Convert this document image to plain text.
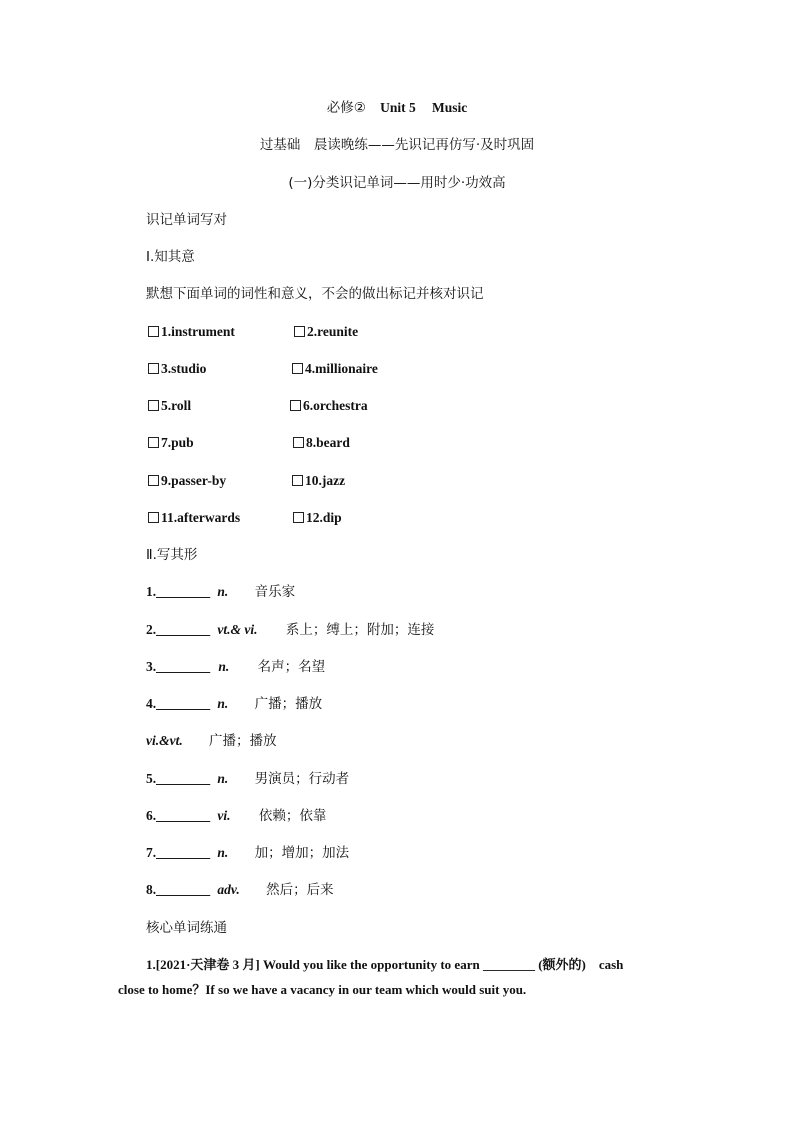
必修② Unit 5 Music
过基础　晨读晚练——先识记再仿写·及时巩固
(一)分类识记单词——用时少·功效高
识记单词写对
Ⅰ.知其意
默想下面单词的词性和意义，不会的做出标记并核对识记
1.instrument	2.reunite
3.studio	4.millionaire
5.roll	6.orchestra
7.pub	8.beard
9.passer-by	10.jazz
11.afterwards	12.dip
Ⅱ.写其形
1.________ n. 音乐家
2.________ vt.& vi. 系上；缚上；附加；连接
3.________ n. 名声；名望
4.________ n. 广播；播放
vi.&vt. 广播；播放
5.________ n. 男演员；行动者
6.________ vi. 依赖；依靠
7.________ n. 加；增加；加法
8.________ adv. 然后；后来
核心单词练通
1.[2021·天津卷 3 月] Would you like the opportunity to earn ________ (额外的)　cash
close to home？If so we have a vacancy in our team which would suit you.
